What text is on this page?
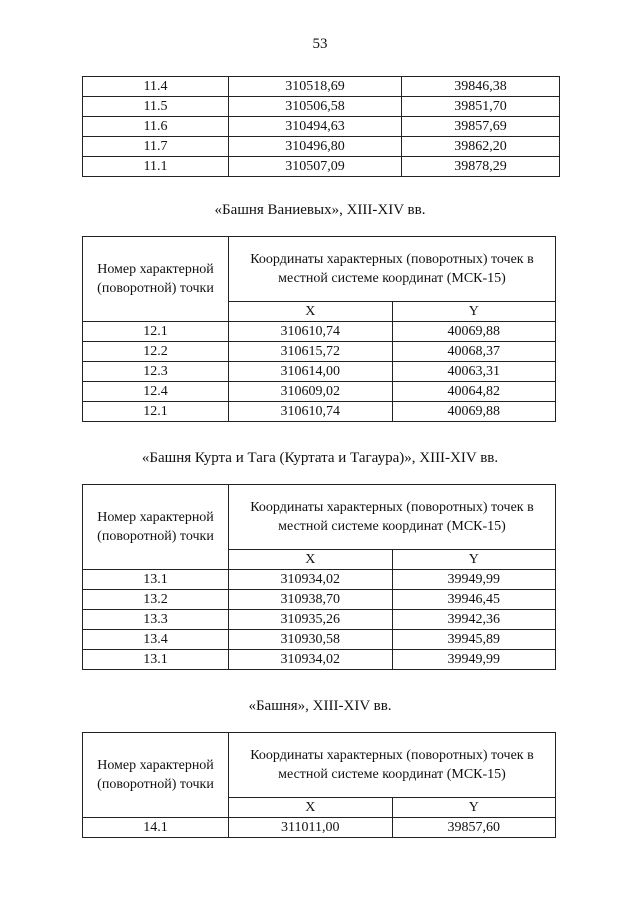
53
11.4	310518,69	39846,38
11.5	310506,58	39851,70
11.6	310494,63	39857,69
11.7	310496,80	39862,20
11.1	310507,09	39878,29
«Башня Ваниевых», XIII-XIV вв.
Номер характерной (поворотной) точки	Координаты характерных (поворотных) точек в местной системе координат (МСК-15)	
	X	Y
12.1	310610,74	40069,88
12.2	310615,72	40068,37
12.3	310614,00	40063,31
12.4	310609,02	40064,82
12.1	310610,74	40069,88
«Башня Курта и Тага (Куртата и Тагаура)», XIII-XIV вв.
Номер характерной (поворотной) точки	Координаты характерных (поворотных) точек в местной системе координат (МСК-15)	
	X	Y
13.1	310934,02	39949,99
13.2	310938,70	39946,45
13.3	310935,26	39942,36
13.4	310930,58	39945,89
13.1	310934,02	39949,99
«Башня», XIII-XIV вв.
Номер характерной (поворотной) точки	Координаты характерных (поворотных) точек в местной системе координат (МСК-15)	
	X	Y
14.1	311011,00	39857,60
